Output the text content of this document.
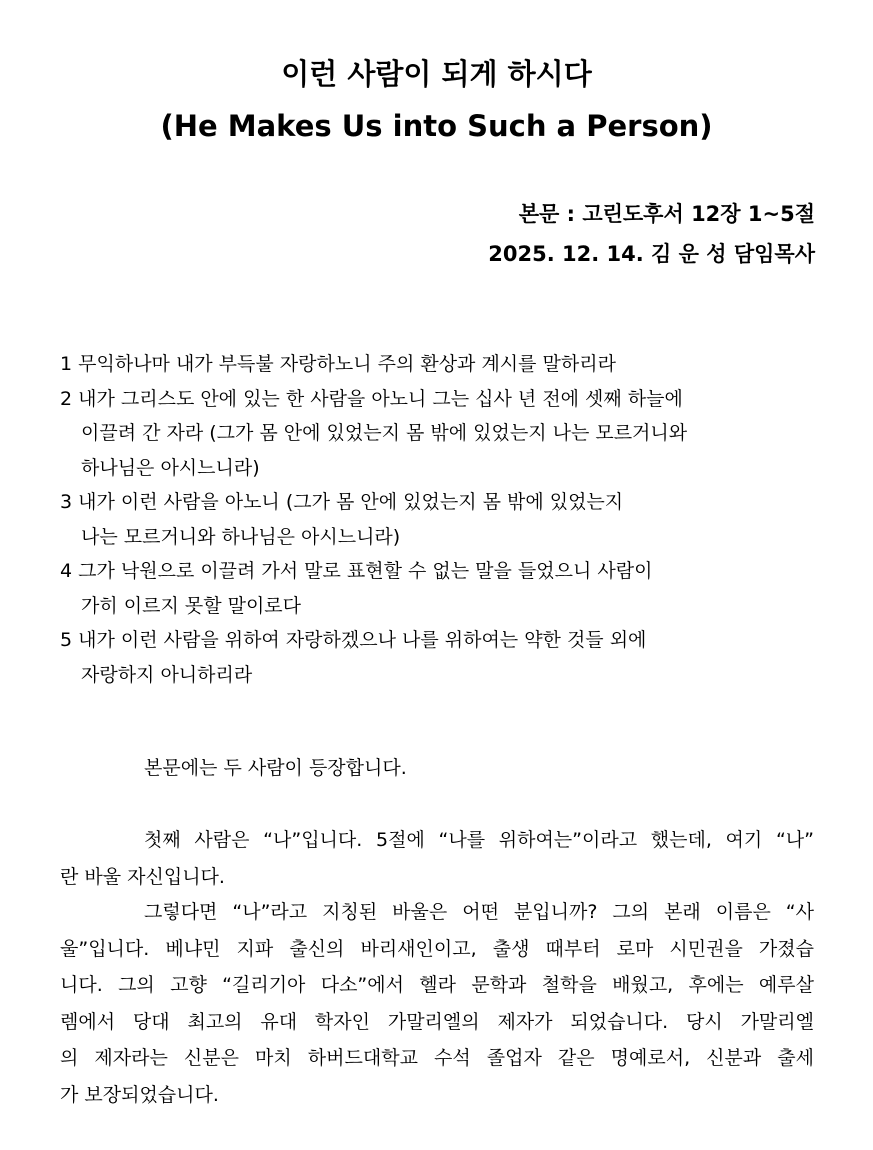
이런 사람이 되게 하시다
(He Makes Us into Such a Person)
본문 : 고린도후서 12장 1~5절
2025. 12. 14. 김 운 성 담임목사
1 무익하나마 내가 부득불 자랑하노니 주의 환상과 계시를 말하리라
2 내가 그리스도 안에 있는 한 사람을 아노니 그는 십사 년 전에 셋째 하늘에
이끌려 간 자라 (그가 몸 안에 있었는지 몸 밖에 있었는지 나는 모르거니와
하나님은 아시느니라)
3 내가 이런 사람을 아노니 (그가 몸 안에 있었는지 몸 밖에 있었는지
나는 모르거니와 하나님은 아시느니라)
4 그가 낙원으로 이끌려 가서 말로 표현할 수 없는 말을 들었으니 사람이
가히 이르지 못할 말이로다
5 내가 이런 사람을 위하여 자랑하겠으나 나를 위하여는 약한 것들 외에
자랑하지 아니하리라
본문에는 두 사람이 등장합니다.
첫째 사람은 “나”입니다. 5절에 “나를 위하여는”이라고 했는데, 여기 “나”
란 바울 자신입니다.
그렇다면 “나”라고 지칭된 바울은 어떤 분입니까? 그의 본래 이름은 “사
울”입니다. 베냐민 지파 출신의 바리새인이고, 출생 때부터 로마 시민권을 가졌습
니다. 그의 고향 “길리기아 다소”에서 헬라 문학과 철학을 배웠고, 후에는 예루살
렘에서 당대 최고의 유대 학자인 가말리엘의 제자가 되었습니다. 당시 가말리엘
의 제자라는 신분은 마치 하버드대학교 수석 졸업자 같은 명예로서, 신분과 출세
가 보장되었습니다.
